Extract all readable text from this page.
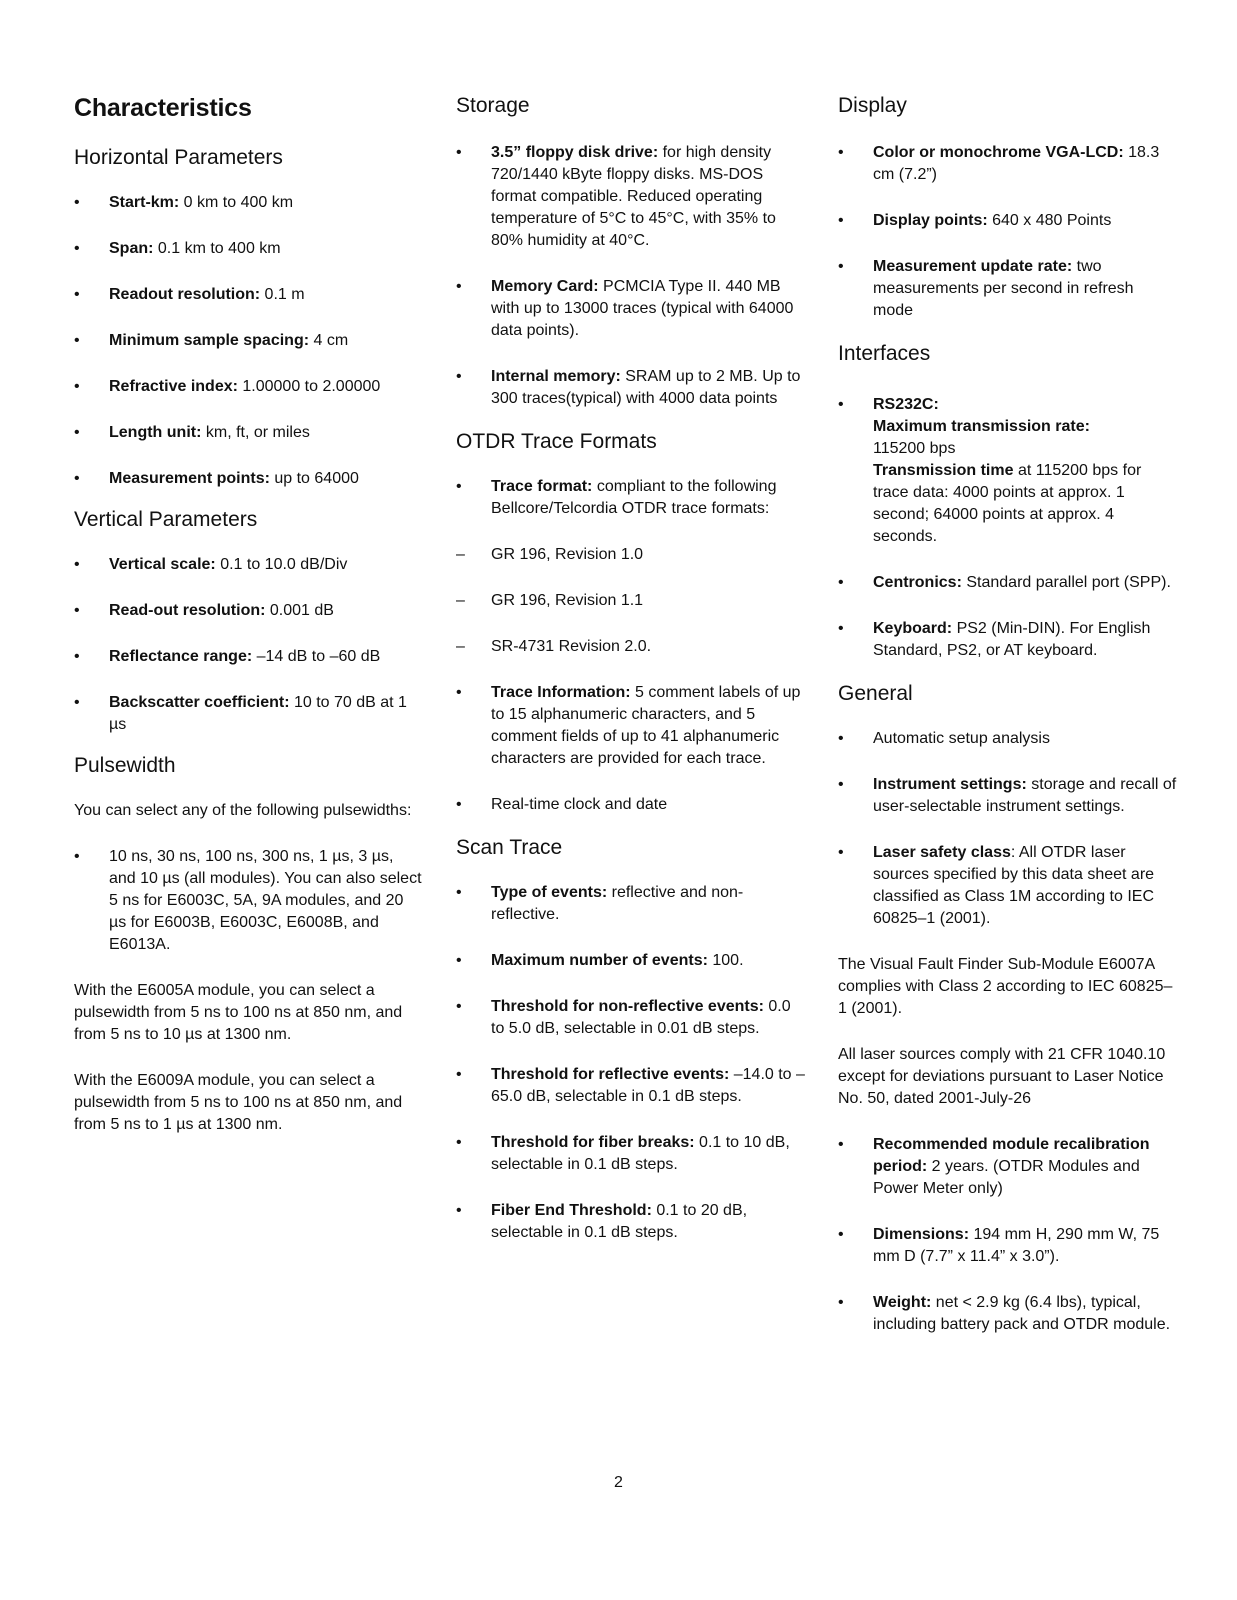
Characteristics
Horizontal Parameters
•	Start-km: 0 km to 400 km
•	Span: 0.1 km to 400 km
•	Readout resolution: 0.1 m
•	Minimum sample spacing: 4 cm
•	Refractive index: 1.00000 to 2.00000
•	Length unit: km, ft, or miles
•	Measurement points: up to 64000
Vertical Parameters
•	Vertical scale: 0.1 to 10.0 dB/Div
•	Read-out resolution: 0.001 dB
•	Reflectance range: –14 dB to –60 dB
•	Backscatter coefficient: 10 to 70 dB at 1 µs
Pulsewidth

You can select any of the following pulsewidths:

•	10 ns, 30 ns, 100 ns, 300 ns, 1 µs, 3 µs, and 10 µs (all modules). You can also select 5 ns for E6003C, 5A, 9A modules, and 20 µs for E6003B, E6003C, E6008B, and E6013A.

With the E6005A module, you can select a pulsewidth from 5 ns to 100 ns at 850 nm, and from 5 ns to 10 µs at 1300 nm.

With the E6009A module, you can select a pulsewidth from 5 ns to 100 ns at 850 nm, and from 5 ns to 1 µs at 1300 nm.

Storage
•	3.5” floppy disk drive: for high density 720/1440 kByte floppy disks. MS-DOS format compatible. Reduced operating temperature of 5°C to 45°C, with 35% to 80% humidity at 40°C.
•	Memory Card: PCMCIA Type II. 440 MB with up to 13000 traces (typical with 64000 data points).
•	Internal memory: SRAM up to 2 MB. Up to 300 traces(typical) with 4000 data points
OTDR Trace Formats
•	Trace format: compliant to the following Bellcore/Telcordia OTDR trace formats:
–	GR 196, Revision 1.0
–	GR 196, Revision 1.1
–	SR-4731 Revision 2.0.
•	Trace Information: 5 comment labels of up to 15 alphanumeric characters, and 5 comment fields of up to 41 alphanumeric characters are provided for each trace.
•	Real-time clock and date
Scan Trace
•	Type of events: reflective and non-reflective.
•	Maximum number of events: 100.
•	Threshold for non-reflective events: 0.0 to 5.0 dB, selectable in 0.01 dB steps.
•	Threshold for reflective events: –14.0 to –65.0 dB, selectable in 0.1 dB steps.
•	Threshold for fiber breaks: 0.1 to 10 dB, selectable in 0.1 dB steps.
•	Fiber End Threshold: 0.1 to 20 dB, selectable in 0.1 dB steps.
Display
•	Color or monochrome VGA-LCD: 18.3 cm (7.2”)
•	Display points: 640 x 480 Points
•	Measurement update rate: two measurements per second in refresh mode
Interfaces
•	RS232C:
Maximum transmission rate:
115200 bps
Transmission time at 115200 bps for trace data: 4000 points at approx. 1 second; 64000 points at approx. 4 seconds.
•	Centronics: Standard parallel port (SPP).
•	Keyboard: PS2 (Min-DIN). For English Standard, PS2, or AT keyboard.
General
•	Automatic setup analysis
•	Instrument settings: storage and recall of user-selectable instrument settings.
•	Laser safety class: All OTDR laser sources specified by this data sheet are classified as Class 1M according to IEC 60825–1 (2001).

The Visual Fault Finder Sub-Module E6007A complies with Class 2 according to IEC 60825–1 (2001).

All laser sources comply with 21 CFR 1040.10 except for deviations pursuant to Laser Notice No. 50, dated 2001-July-26

•	Recommended module recalibration period: 2 years. (OTDR Modules and Power Meter only)
•	Dimensions: 194 mm H, 290 mm W, 75 mm D (7.7” x 11.4” x 3.0”).
•	Weight: net < 2.9 kg (6.4 lbs), typical, including battery pack and OTDR module.
2
